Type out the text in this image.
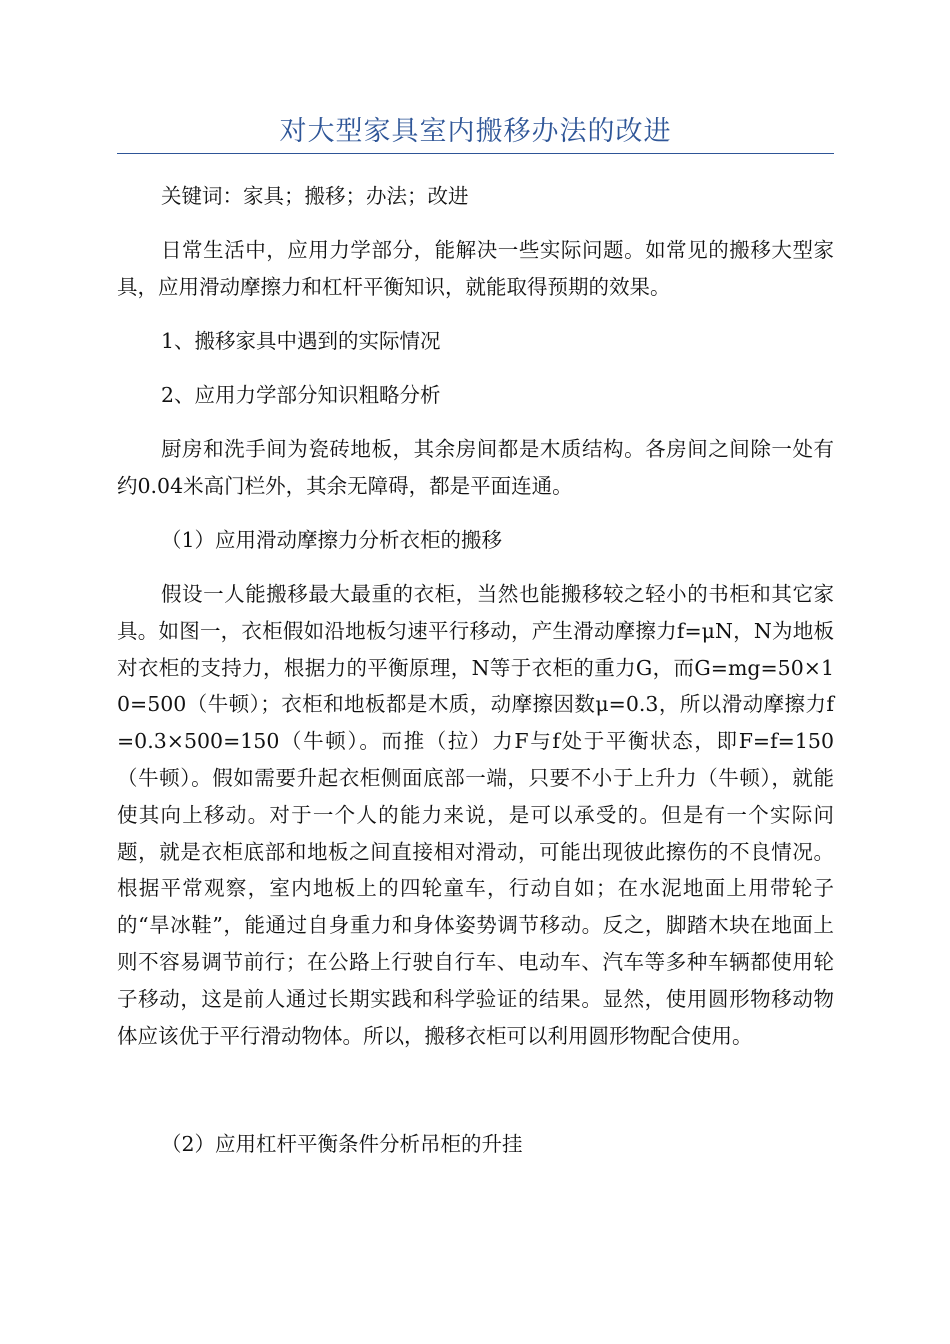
对大型家具室内搬移办法的改进

关键词：家具；搬移；办法；改进

日常生活中，应用力学部分，能解决一些实际问题。如常见的搬移大型家具，应用滑动摩擦力和杠杆平衡知识，就能取得预期的效果。

1、搬移家具中遇到的实际情况

2、应用力学部分知识粗略分析

厨房和洗手间为瓷砖地板，其余房间都是木质结构。各房间之间除一处有约0.04米高门栏外，其余无障碍，都是平面连通。

（1）应用滑动摩擦力分析衣柜的搬移

假设一人能搬移最大最重的衣柜，当然也能搬移较之轻小的书柜和其它家具。如图一，衣柜假如沿地板匀速平行移动，产生滑动摩擦力f=μN，N为地板对衣柜的支持力，根据力的平衡原理，N等于衣柜的重力G，而G=mg=50×10=500（牛顿）；衣柜和地板都是木质，动摩擦因数μ=0.3，所以滑动摩擦力f=0.3×500=150（牛顿）。而推（拉）力F与f处于平衡状态，即F=f=150（牛顿）。假如需要升起衣柜侧面底部一端，只要不小于上升力（牛顿），就能使其向上移动。对于一个人的能力来说，是可以承受的。但是有一个实际问题，就是衣柜底部和地板之间直接相对滑动，可能出现彼此擦伤的不良情况。根据平常观察，室内地板上的四轮童车，行动自如；在水泥地面上用带轮子的“旱冰鞋”，能通过自身重力和身体姿势调节移动。反之，脚踏木块在地面上则不容易调节前行；在公路上行驶自行车、电动车、汽车等多种车辆都使用轮子移动，这是前人通过长期实践和科学验证的结果。显然，使用圆形物移动物体应该优于平行滑动物体。所以，搬移衣柜可以利用圆形物配合使用。

（2）应用杠杆平衡条件分析吊柜的升挂
